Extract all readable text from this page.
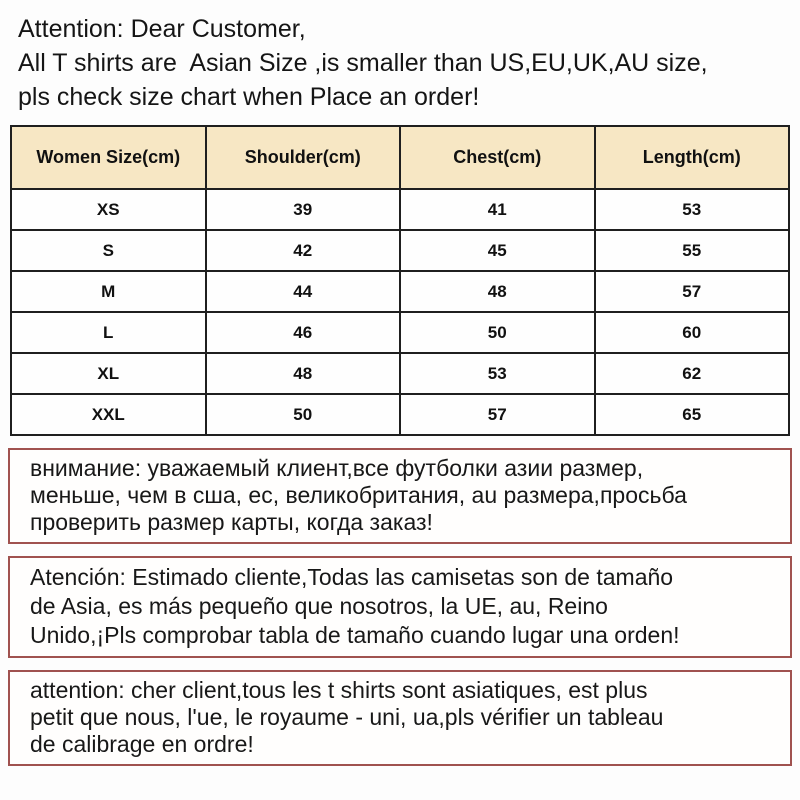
Attention: Dear Customer,
All T shirts are  Asian Size ,is smaller than US,EU,UK,AU size,
pls check size chart when Place an order!
Women Size(cm)	Shoulder(cm)	Chest(cm)	Length(cm)
XS	39	41	53
S	42	45	55
M	44	48	57
L	46	50	60
XL	48	53	62
XXL	50	57	65
внимание: уважаемый клиент,все футболки азии размер,
меньше, чем в сша, ес, великобритания, au размера,просьба
проверить размер карты, когда заказ!
Atención: Estimado cliente,Todas las camisetas son de tamaño
de Asia, es más pequeño que nosotros, la UE, au, Reino
Unido,¡Pls comprobar tabla de tamaño cuando lugar una orden!
attention: cher client,tous les t shirts sont asiatiques, est plus
petit que nous, l'ue, le royaume - uni, ua,pls vérifier un tableau
de calibrage en ordre!
